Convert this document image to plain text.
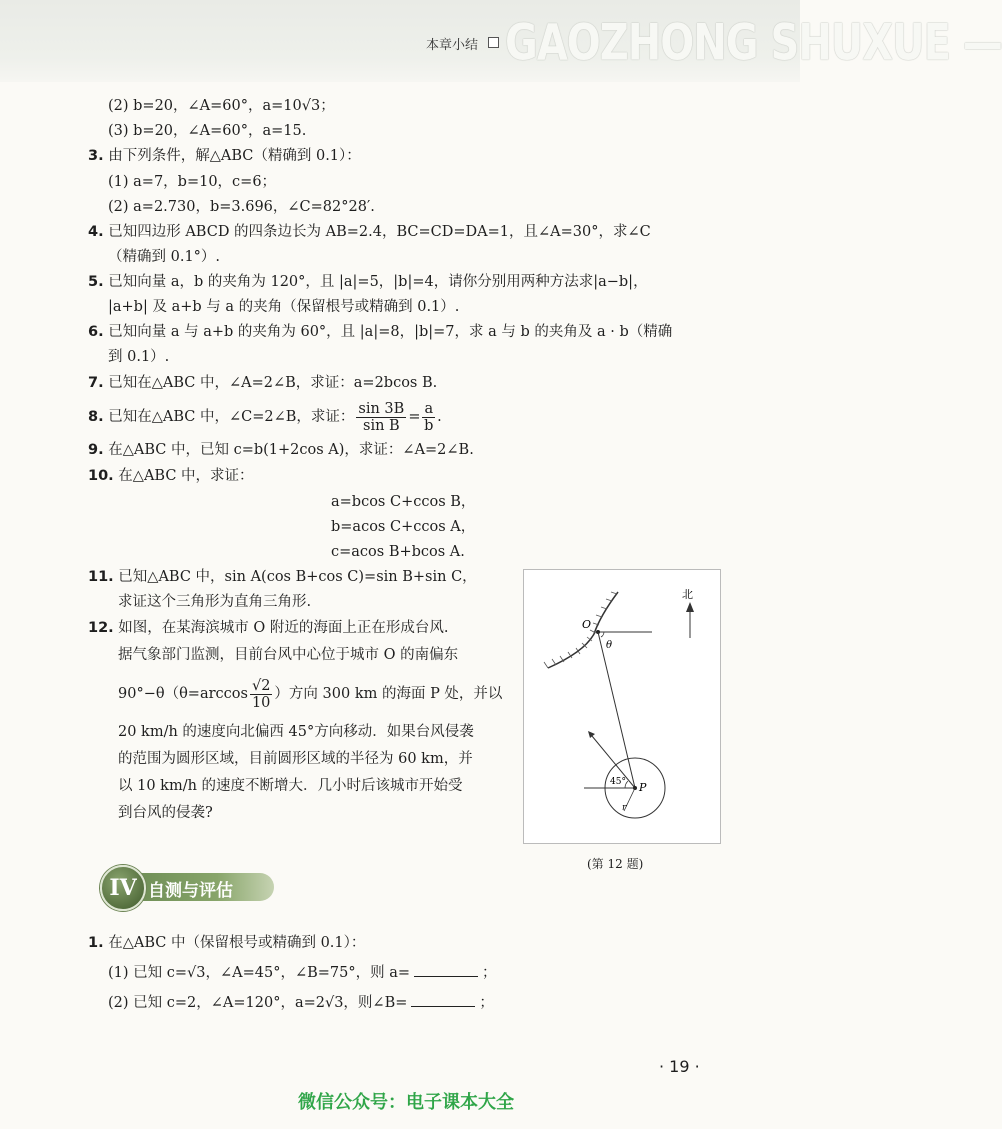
本章小结 GAOZHONG SHUXUE —
(2) b=20，∠A=60°，a=10√3；
(3) b=20，∠A=60°，a=15.
3. 由下列条件，解△ABC（精确到 0.1）：
(1) a=7，b=10，c=6；
(2) a=2.730，b=3.696，∠C=82°28′.
4. 已知四边形 ABCD 的四条边长为 AB=2.4，BC=CD=DA=1，且∠A=30°，求∠C
（精确到 0.1°）.
5. 已知向量 a，b 的夹角为 120°，且 |a|=5，|b|=4，请你分别用两种方法求|a−b|，
|a+b| 及 a+b 与 a 的夹角（保留根号或精确到 0.1）.
6. 已知向量 a 与 a+b 的夹角为 60°，且 |a|=8，|b|=7，求 a 与 b 的夹角及 a · b（精确
到 0.1）.
7. 已知在△ABC 中，∠A=2∠B，求证：a=2bcos B.
8. 已知在△ABC 中，∠C=2∠B，求证： $\frac{\sin 3B}{\text{sin B}} = \frac{a}{b}$ .
9. 在△ABC 中，已知 c=b(1+2cos A)，求证：∠A=2∠B.
10. 在△ABC 中，求证：
a=bcos C+ccos B，
b=acos C+ccos A，
c=acos B+bcos A.
11. 已知△ABC 中，sin A(cos B+cos C)=sin B+sin C，
求证这个三角形为直角三角形.
12. 如图，在某海滨城市 O 附近的海面上正在形成台风.
据气象部门监测，目前台风中心位于城市 O 的南偏东
$90^\circ-\theta(\theta=\arccos \frac{√2}{10}$ ）方向 300 km 的海面 P 处，并以
20 km/h 的速度向北偏西 45°方向移动．如果台风侵袭
的范围为圆形区域，目前圆形区域的半径为 60 km，并
以 10 km/h 的速度不断增大．几小时后该城市开始受
到台风的侵袭?
北
O
θ
45° P
r
(第 12 题)
自测与评估
IV
1. 在△ABC 中（保留根号或精确到 0.1）：
(1) 已知 c=√3，∠A=45°，∠B=75°，则 a=	；
(2) 已知 c=2，∠A=120°，a=2√3，则∠B=	；
· 19 ·
微信公众号：电子课本大全
